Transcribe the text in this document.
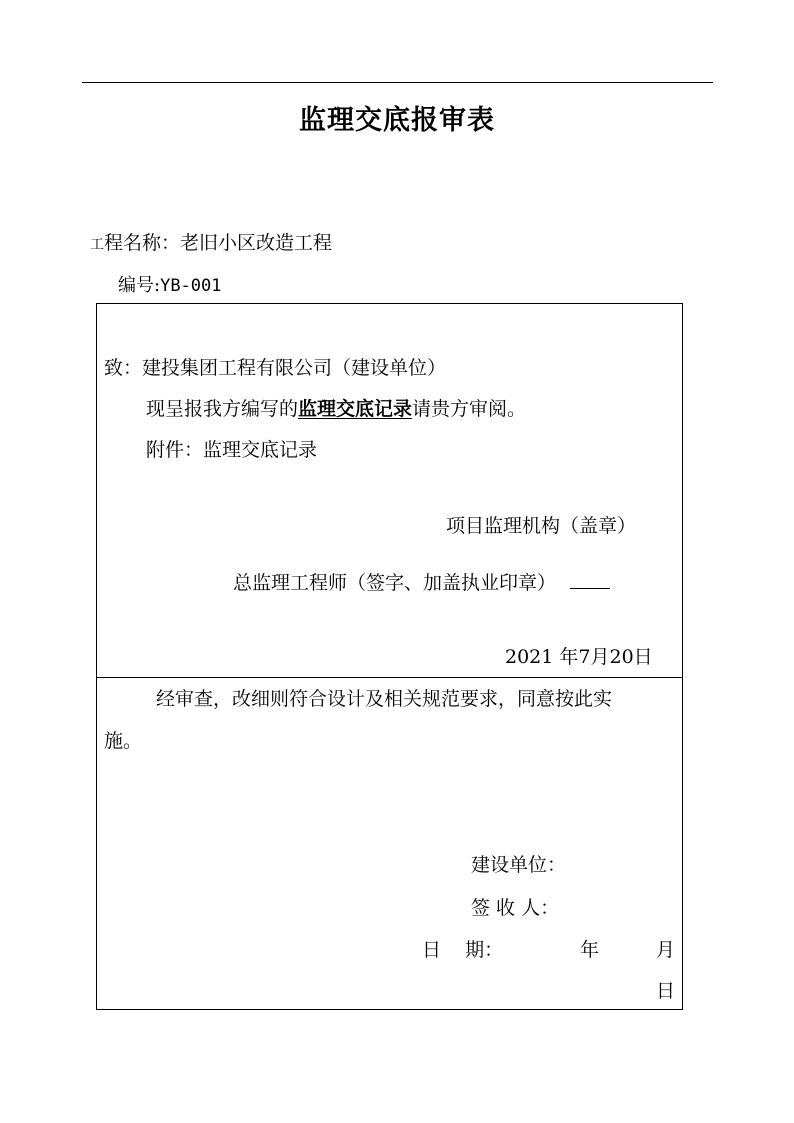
监理交底报审表
工程名称：老旧小区改造工程
编号:YB-001
致：建投集团工程有限公司（建设单位）
现呈报我方编写的监理交底记录请贵方审阅。
附件：监理交底记录
项目监理机构（盖章）
总监理工程师（签字、加盖执业印章）
2021 年7月20日
经审查，改细则符合设计及相关规范要求，同意按此实
施。
建设单位：
签 收 人：
日    期：	年	月
日
